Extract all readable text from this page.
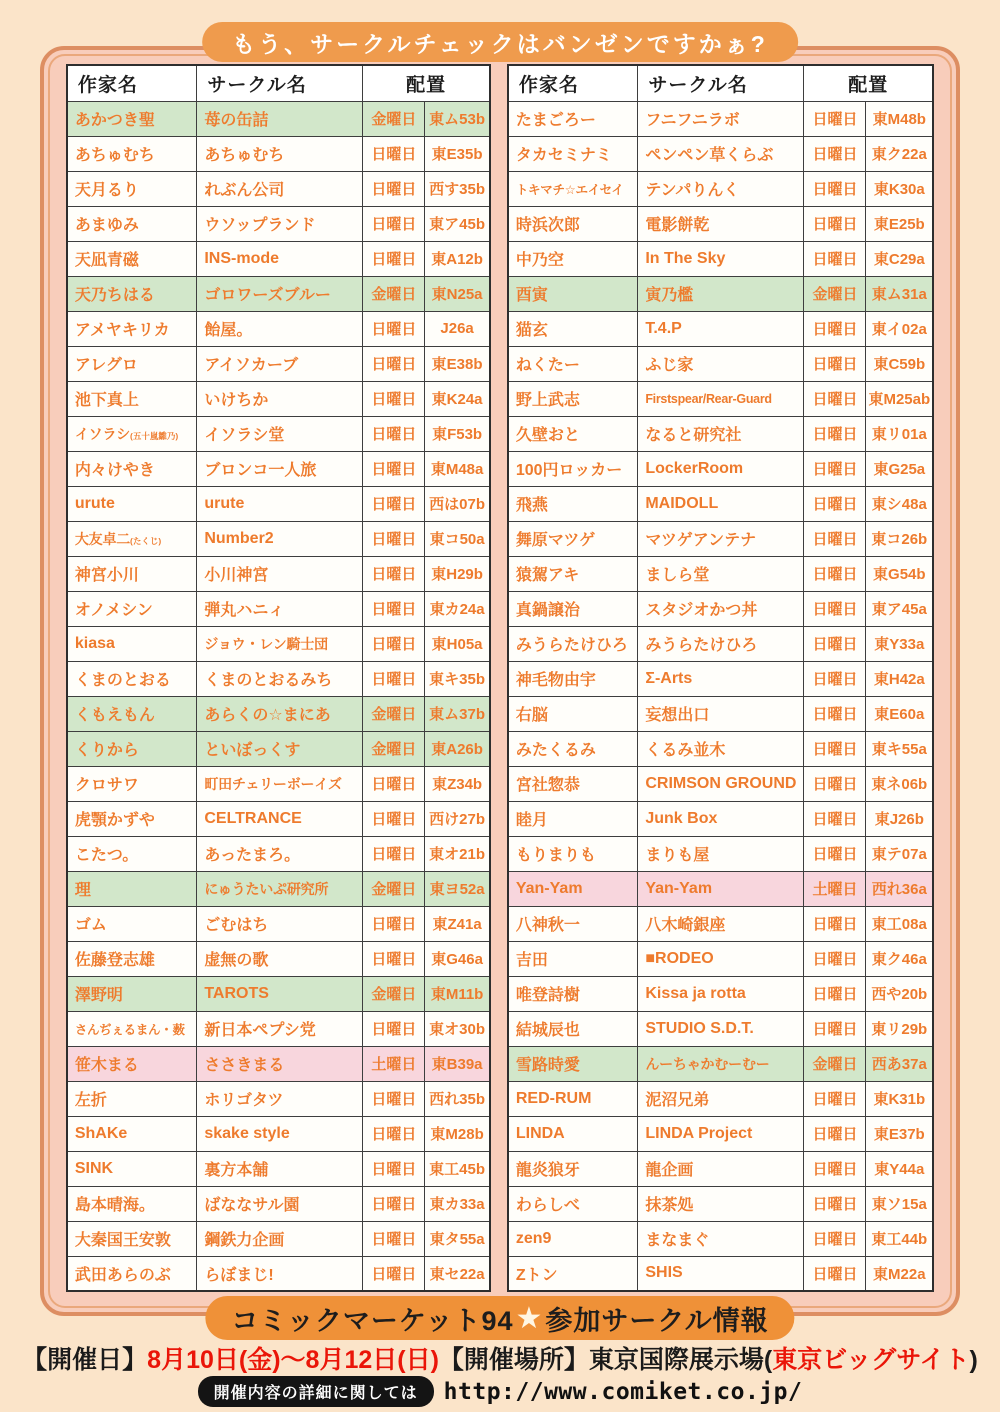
もう、サークルチェックはバンゼンですかぁ?
作家名	サークル名	配置	
あかつき聖	苺の缶詰	金曜日	東ム53b
あちゅむち	あちゅむち	日曜日	東E35b
天月るり	れぶん公司	日曜日	西す35b
あまゆみ	ウソップランド	日曜日	東ア45b
天凪青磁	INS-mode	日曜日	東A12b
天乃ちはる	ゴロワーズブルー	金曜日	東N25a
アメヤキリカ	飴屋。	日曜日	J26a
アレグロ	アイソカーブ	日曜日	東E38b
池下真上	いけちか	日曜日	東K24a
イソラシ(五十嵐雛乃)	イソラシ堂	日曜日	東F53b
内々けやき	ブロンコ一人旅	日曜日	東M48a
urute	urute	日曜日	西は07b
大友卓二(たくじ)	Number2	日曜日	東コ50a
神宮小川	小川神宮	日曜日	東H29b
オノメシン	弾丸ハニィ	日曜日	東カ24a
kiasa	ジョウ・レン騎士団	日曜日	東H05a
くまのとおる	くまのとおるみち	日曜日	東キ35b
くもえもん	あらくの☆まにあ	金曜日	東ム37b
くりから	といぼっくす	金曜日	東A26b
クロサワ	町田チェリーボーイズ	日曜日	東Z34b
虎顎かずや	CELTRANCE	日曜日	西け27b
こたつ。	あったまろ。	日曜日	東オ21b
理	にゅうたいぷ研究所	金曜日	東ヨ52a
ゴム	ごむはち	日曜日	東Z41a
佐藤登志雄	虚無の歌	日曜日	東G46a
澤野明	TAROTS	金曜日	東M11b
さんぢぇるまん・薮	新日本ペプシ党	日曜日	東オ30b
笹木まる	ささきまる	土曜日	東B39a
左折	ホリゴタツ	日曜日	西れ35b
ShAKe	skake style	日曜日	東M28b
SINK	裏方本舗	日曜日	東工45b
島本晴海。	ばななサル園	日曜日	東カ33a
大秦国王安敦	鋼鉄力企画	日曜日	東タ55a
武田あらのぶ	らぼまじ!	日曜日	東セ22a
作家名	サークル名	配置	
たまごろー	フニフニラボ	日曜日	東M48b
タカセミナミ	ペンペン草くらぶ	日曜日	東ク22a
トキマチ☆エイセイ	テンパりんく	日曜日	東K30a
時浜次郎	電影餅乾	日曜日	東E25b
中乃空	In The Sky	日曜日	東C29a
酉寅	寅乃檻	金曜日	東ム31a
猫玄	T.4.P	日曜日	東イ02a
ねくたー	ふじ家	日曜日	東C59b
野上武志	Firstspear/Rear-Guard	日曜日	東M25ab
久壁おと	なると研究社	日曜日	東リ01a
100円ロッカー	LockerRoom	日曜日	東G25a
飛燕	MAIDOLL	日曜日	東シ48a
舞原マツゲ	マツゲアンテナ	日曜日	東コ26b
猿駕アキ	ましら堂	日曜日	東G54b
真鍋譲治	スタジオかつ丼	日曜日	東ア45a
みうらたけひろ	みうらたけひろ	日曜日	東Y33a
神毛物由宇	Σ-Arts	日曜日	東H42a
右脳	妄想出口	日曜日	東E60a
みたくるみ	くるみ並木	日曜日	東キ55a
宮社惣恭	CRIMSON GROUND	日曜日	東ネ06b
睦月	Junk Box	日曜日	東J26b
もりまりも	まりも屋	日曜日	東テ07a
Yan-Yam	Yan-Yam	土曜日	西れ36a
八神秋一	八木崎銀座	日曜日	東工08a
吉田	■RODEO	日曜日	東ク46a
唯登詩樹	Kissa ja rotta	日曜日	西や20b
結城辰也	STUDIO S.D.T.	日曜日	東リ29b
雪路時愛	んーちゃかむーむー	金曜日	西あ37a
RED-RUM	泥沼兄弟	日曜日	東K31b
LINDA	LINDA Project	日曜日	東E37b
龍炎狼牙	龍企画	日曜日	東Y44a
わらしべ	抹茶処	日曜日	東ソ15a
zen9	まなまぐ	日曜日	東工44b
Zトン	SHIS	日曜日	東M22a
コミックマーケット94 ★ 参加サークル情報
【開催日】8月10日(金)〜8月12日(日)【開催場所】東京国際展示場(東京ビッグサイト)
開催内容の詳細に関しては	http://www.comiket.co.jp/
